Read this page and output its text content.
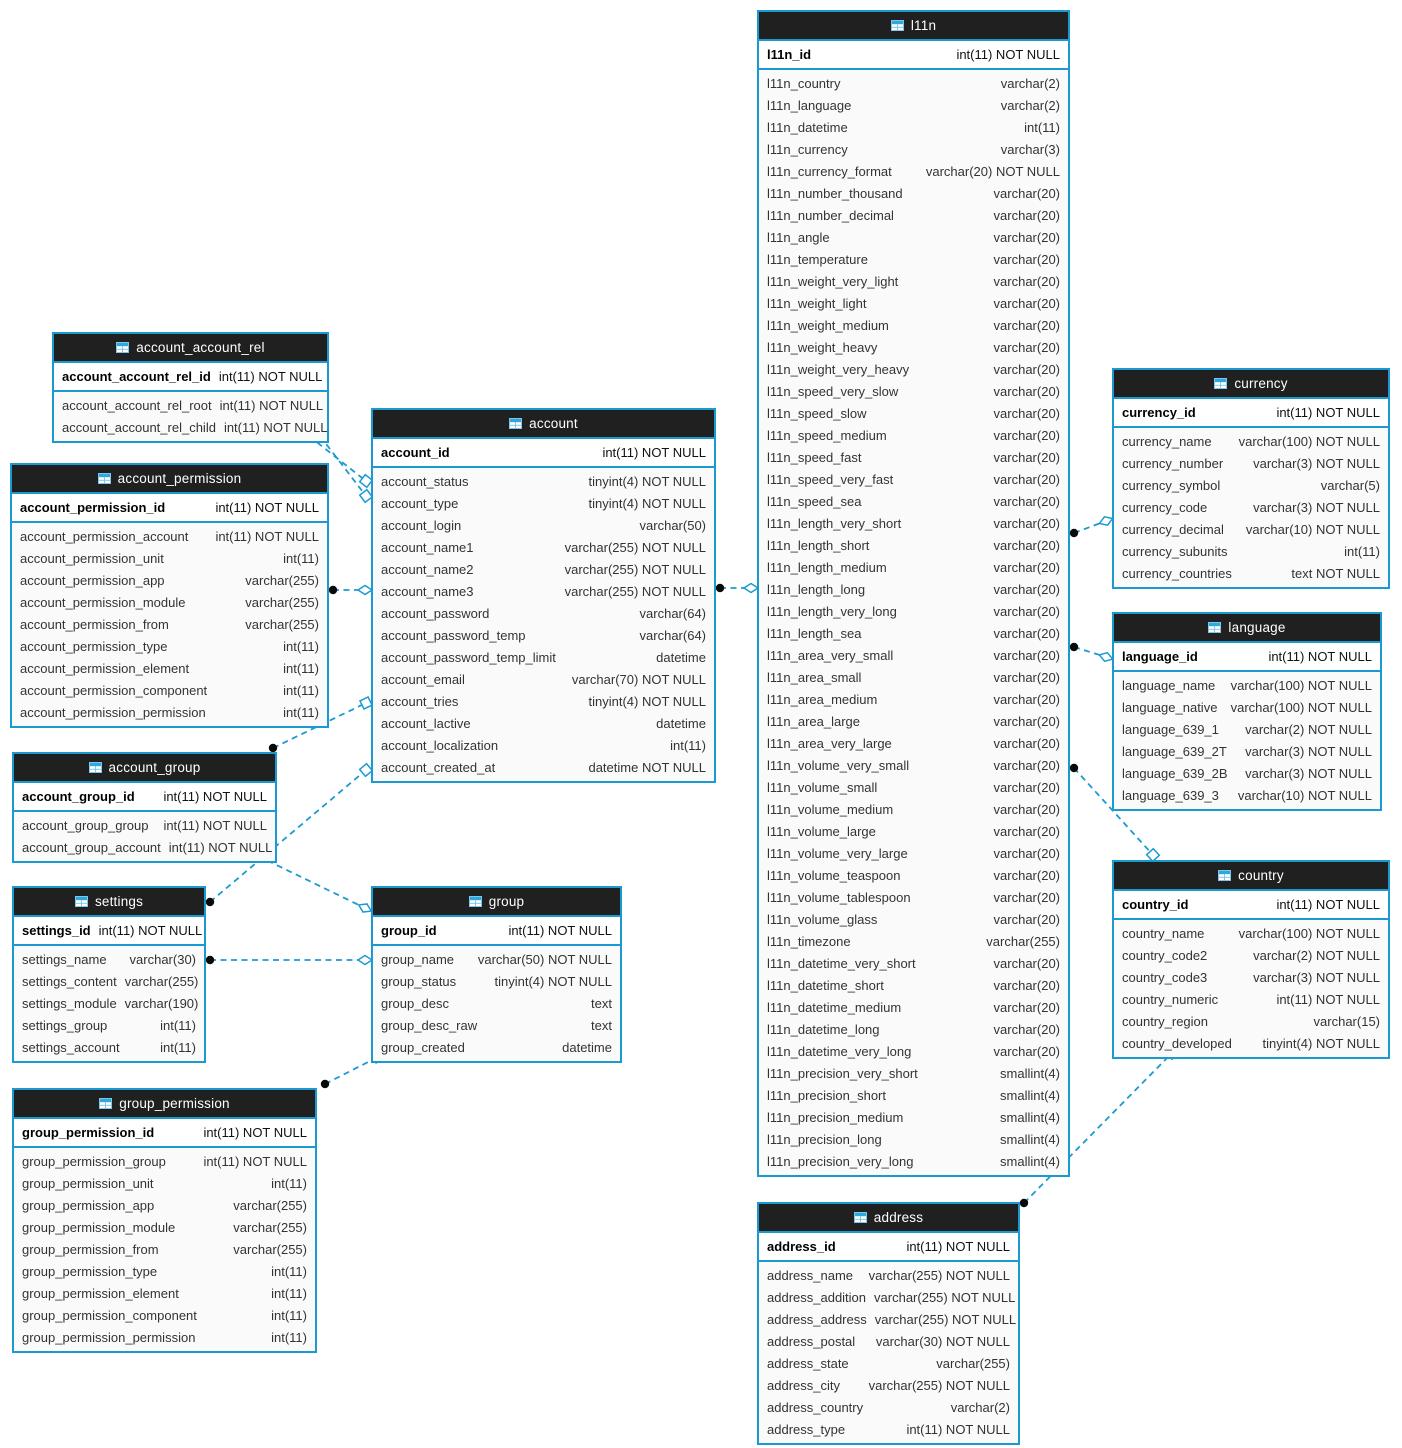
l11n
l11n_id	int(11) NOT NULL
l11n_country	varchar(2)
l11n_language	varchar(2)
l11n_datetime	int(11)
l11n_currency	varchar(3)
l11n_currency_format	varchar(20) NOT NULL
l11n_number_thousand	varchar(20)
l11n_number_decimal	varchar(20)
l11n_angle	varchar(20)
l11n_temperature	varchar(20)
l11n_weight_very_light	varchar(20)
l11n_weight_light	varchar(20)
l11n_weight_medium	varchar(20)
l11n_weight_heavy	varchar(20)
l11n_weight_very_heavy	varchar(20)
l11n_speed_very_slow	varchar(20)
l11n_speed_slow	varchar(20)
l11n_speed_medium	varchar(20)
l11n_speed_fast	varchar(20)
l11n_speed_very_fast	varchar(20)
l11n_speed_sea	varchar(20)
l11n_length_very_short	varchar(20)
l11n_length_short	varchar(20)
l11n_length_medium	varchar(20)
l11n_length_long	varchar(20)
l11n_length_very_long	varchar(20)
l11n_length_sea	varchar(20)
l11n_area_very_small	varchar(20)
l11n_area_small	varchar(20)
l11n_area_medium	varchar(20)
l11n_area_large	varchar(20)
l11n_area_very_large	varchar(20)
l11n_volume_very_small	varchar(20)
l11n_volume_small	varchar(20)
l11n_volume_medium	varchar(20)
l11n_volume_large	varchar(20)
l11n_volume_very_large	varchar(20)
l11n_volume_teaspoon	varchar(20)
l11n_volume_tablespoon	varchar(20)
l11n_volume_glass	varchar(20)
l11n_timezone	varchar(255)
l11n_datetime_very_short	varchar(20)
l11n_datetime_short	varchar(20)
l11n_datetime_medium	varchar(20)
l11n_datetime_long	varchar(20)
l11n_datetime_very_long	varchar(20)
l11n_precision_very_short	smallint(4)
l11n_precision_short	smallint(4)
l11n_precision_medium	smallint(4)
l11n_precision_long	smallint(4)
l11n_precision_very_long	smallint(4)
account_account_rel
account_account_rel_id int(11) NOT NULL
account_account_rel_root int(11) NOT NULL
account_account_rel_child int(11) NOT NULL	account
account_id	int(11) NOT NULL
account_status	tinyint(4) NOT NULL
account_type	tinyint(4) NOT NULL
account_login	varchar(50)
account_name1	varchar(255) NOT NULL
account_name2	varchar(255) NOT NULL
account_name3	varchar(255) NOT NULL
account_password	varchar(64)
account_password_temp	varchar(64)
account_password_temp_limit	datetime
account_email	varchar(70) NOT NULL
account_tries	tinyint(4) NOT NULL
account_lactive	datetime
account_localization	int(11)
account_created_at	datetime NOT NULL
account_permission
account_permission_id	int(11) NOT NULL
account_permission_account int(11) NOT NULL
account_permission_unit	int(11)
account_permission_app	varchar(255)
account_permission_module	varchar(255)
account_permission_from	varchar(255)
account_permission_type	int(11)
account_permission_element	int(11)
account_permission_component	int(11)
account_permission_permission	int(11)
account_group
account_group_id int(11) NOT NULL
account_group_group int(11) NOT NULL
account_group_account int(11) NOT NULL
settings
settings_id int(11) NOT NULL
settings_name varchar(30)
settings_content varchar(255)
settings_module varchar(190)
settings_group	int(11)
settings_account	int(11)
group
group_id	int(11) NOT NULL
group_name varchar(50) NOT NULL
group_status	tinyint(4) NOT NULL
group_desc	text
group_desc_raw	text
group_created	datetime
group_permission
group_permission_id	int(11) NOT NULL
group_permission_group	int(11) NOT NULL
group_permission_unit	int(11)
group_permission_app	varchar(255)
group_permission_module	varchar(255)
group_permission_from	varchar(255)
group_permission_type	int(11)
group_permission_element	int(11)
group_permission_component	int(11)
group_permission_permission	int(11)
currency
currency_id	int(11) NOT NULL
currency_name varchar(100) NOT NULL
currency_number varchar(3) NOT NULL
currency_symbol	varchar(5)
currency_code	varchar(3) NOT NULL
currency_decimal varchar(10) NOT NULL
currency_subunits	int(11)
currency_countries	text NOT NULL
language
language_id	int(11) NOT NULL
language_name varchar(100) NOT NULL
language_native varchar(100) NOT NULL
language_639_1 varchar(2) NOT NULL
language_639_2T varchar(3) NOT NULL
language_639_2B varchar(3) NOT NULL
language_639_3 varchar(10) NOT NULL
country
country_id	int(11) NOT NULL
country_name	varchar(100) NOT NULL
country_code2	varchar(2) NOT NULL
country_code3	varchar(3) NOT NULL
country_numeric	int(11) NOT NULL
country_region	varchar(15)
country_developed tinyint(4) NOT NULL
address
address_id	int(11) NOT NULL
address_name varchar(255) NOT NULL
address_addition varchar(255) NOT NULL
address_address varchar(255) NOT NULL
address_postal varchar(30) NOT NULL
address_state	varchar(255)
address_city varchar(255) NOT NULL
address_country	varchar(2)
address_type	int(11) NOT NULL
